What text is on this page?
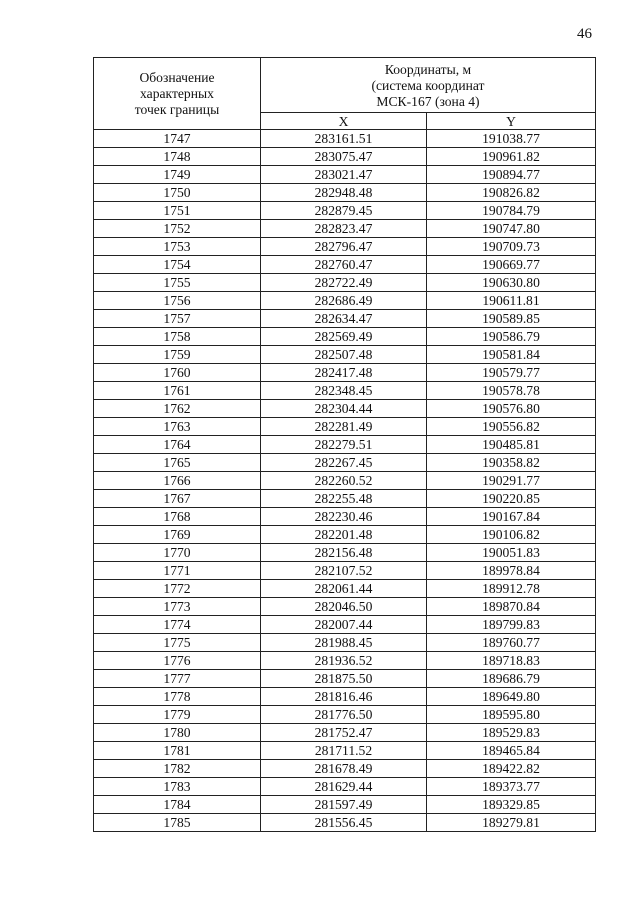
46
Обозначение
характерных
точек границы	Координаты, м
(система координат
МСК-167 (зона 4)	

	X	Y
1747	283161.51	191038.77
1748	283075.47	190961.82
1749	283021.47	190894.77
1750	282948.48	190826.82
1751	282879.45	190784.79
1752	282823.47	190747.80
1753	282796.47	190709.73
1754	282760.47	190669.77
1755	282722.49	190630.80
1756	282686.49	190611.81
1757	282634.47	190589.85
1758	282569.49	190586.79
1759	282507.48	190581.84
1760	282417.48	190579.77
1761	282348.45	190578.78
1762	282304.44	190576.80
1763	282281.49	190556.82
1764	282279.51	190485.81
1765	282267.45	190358.82
1766	282260.52	190291.77
1767	282255.48	190220.85
1768	282230.46	190167.84
1769	282201.48	190106.82
1770	282156.48	190051.83
1771	282107.52	189978.84
1772	282061.44	189912.78
1773	282046.50	189870.84
1774	282007.44	189799.83
1775	281988.45	189760.77
1776	281936.52	189718.83
1777	281875.50	189686.79
1778	281816.46	189649.80
1779	281776.50	189595.80
1780	281752.47	189529.83
1781	281711.52	189465.84
1782	281678.49	189422.82
1783	281629.44	189373.77
1784	281597.49	189329.85
1785	281556.45	189279.81
